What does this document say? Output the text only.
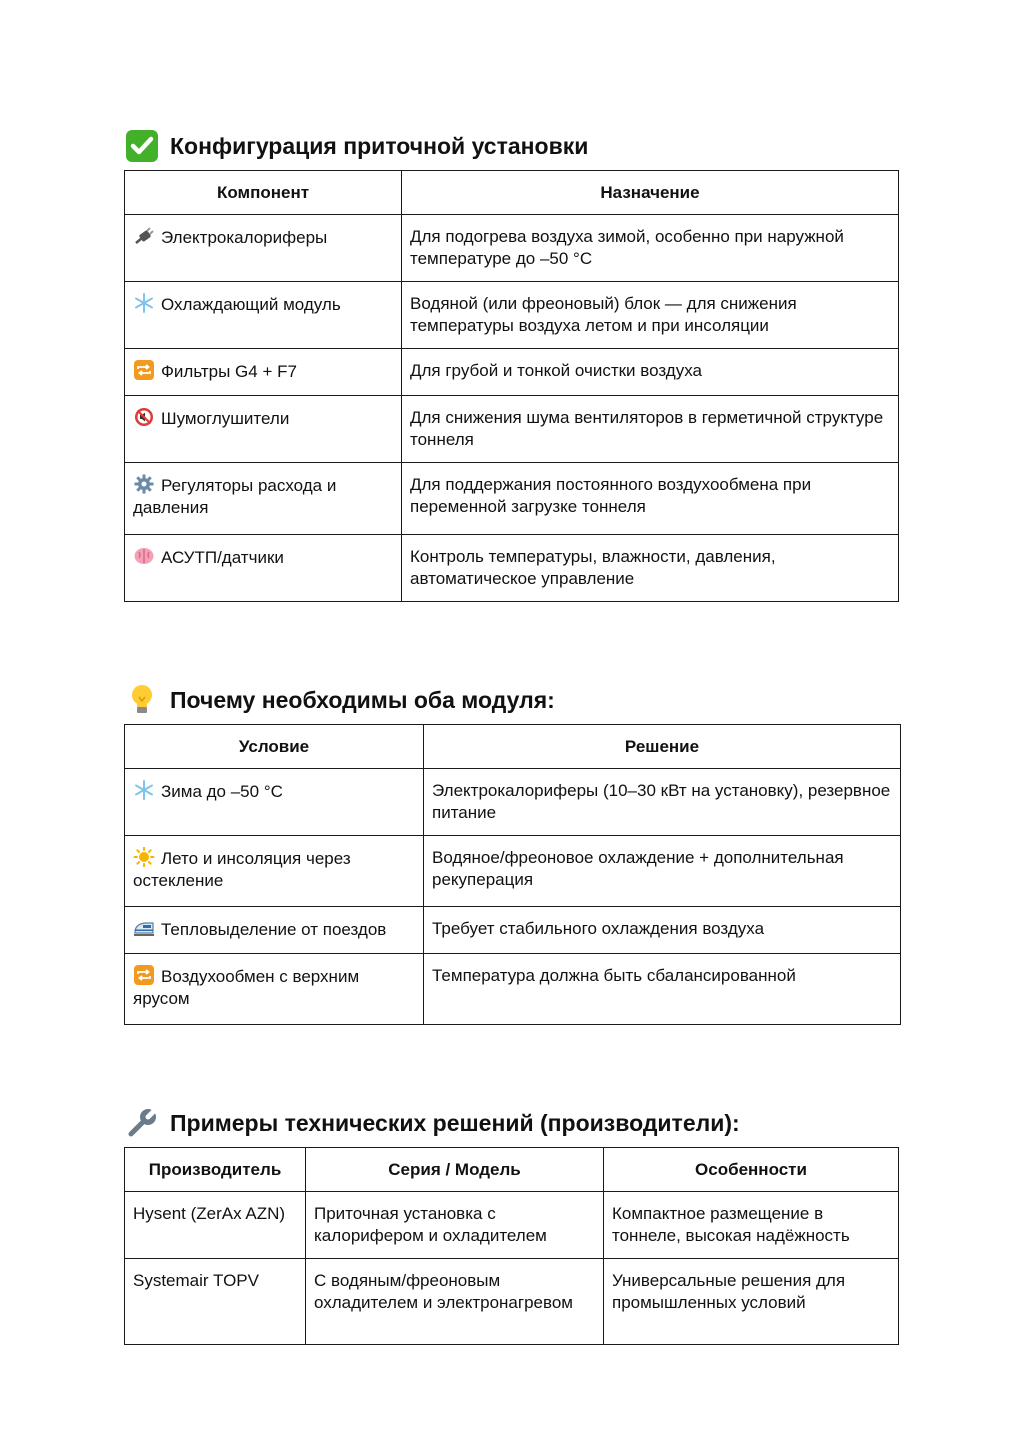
Конфигурация приточной установки
Компонент	Назначение

Электрокалориферы	Для подогрева воздуха зимой, особенно при наружной температуре до –50 °C

Охлаждающий модуль	Водяной (или фреоновый) блок — для снижения температуры воздуха летом и при инсоляции

Фильтры G4 + F7	Для грубой и тонкой очистки воздуха

Шумоглушители	Для снижения шума вентиляторов в герметичной структуре тоннеля

Регуляторы расхода и давления	Для поддержания постоянного воздухообмена при переменной загрузке тоннеля

АСУТП/датчики	Контроль температуры, влажности, давления, автоматическое управление
Почему необходимы оба модуля:
Условие	Решение

Зима до –50 °C	Электрокалориферы (10–30 кВт на установку), резервное питание

Лето и инсоляция через остекление	Водяное/фреоновое охлаждение + дополнительная рекуперация

Тепловыделение от поездов	Требует стабильного охлаждения воздуха

Воздухообмен с верхним ярусом	Температура должна быть сбалансированной
Примеры технических решений (производители):
Производитель	Серия / Модель	Особенности
Hysent (ZerAx AZN)	Приточная установка с калорифером и охладителем	Компактное размещение в тоннеле, высокая надёжность
Systemair TOPV	С водяным/фреоновым охладителем и электронагревом	Универсальные решения для промышленных условий
